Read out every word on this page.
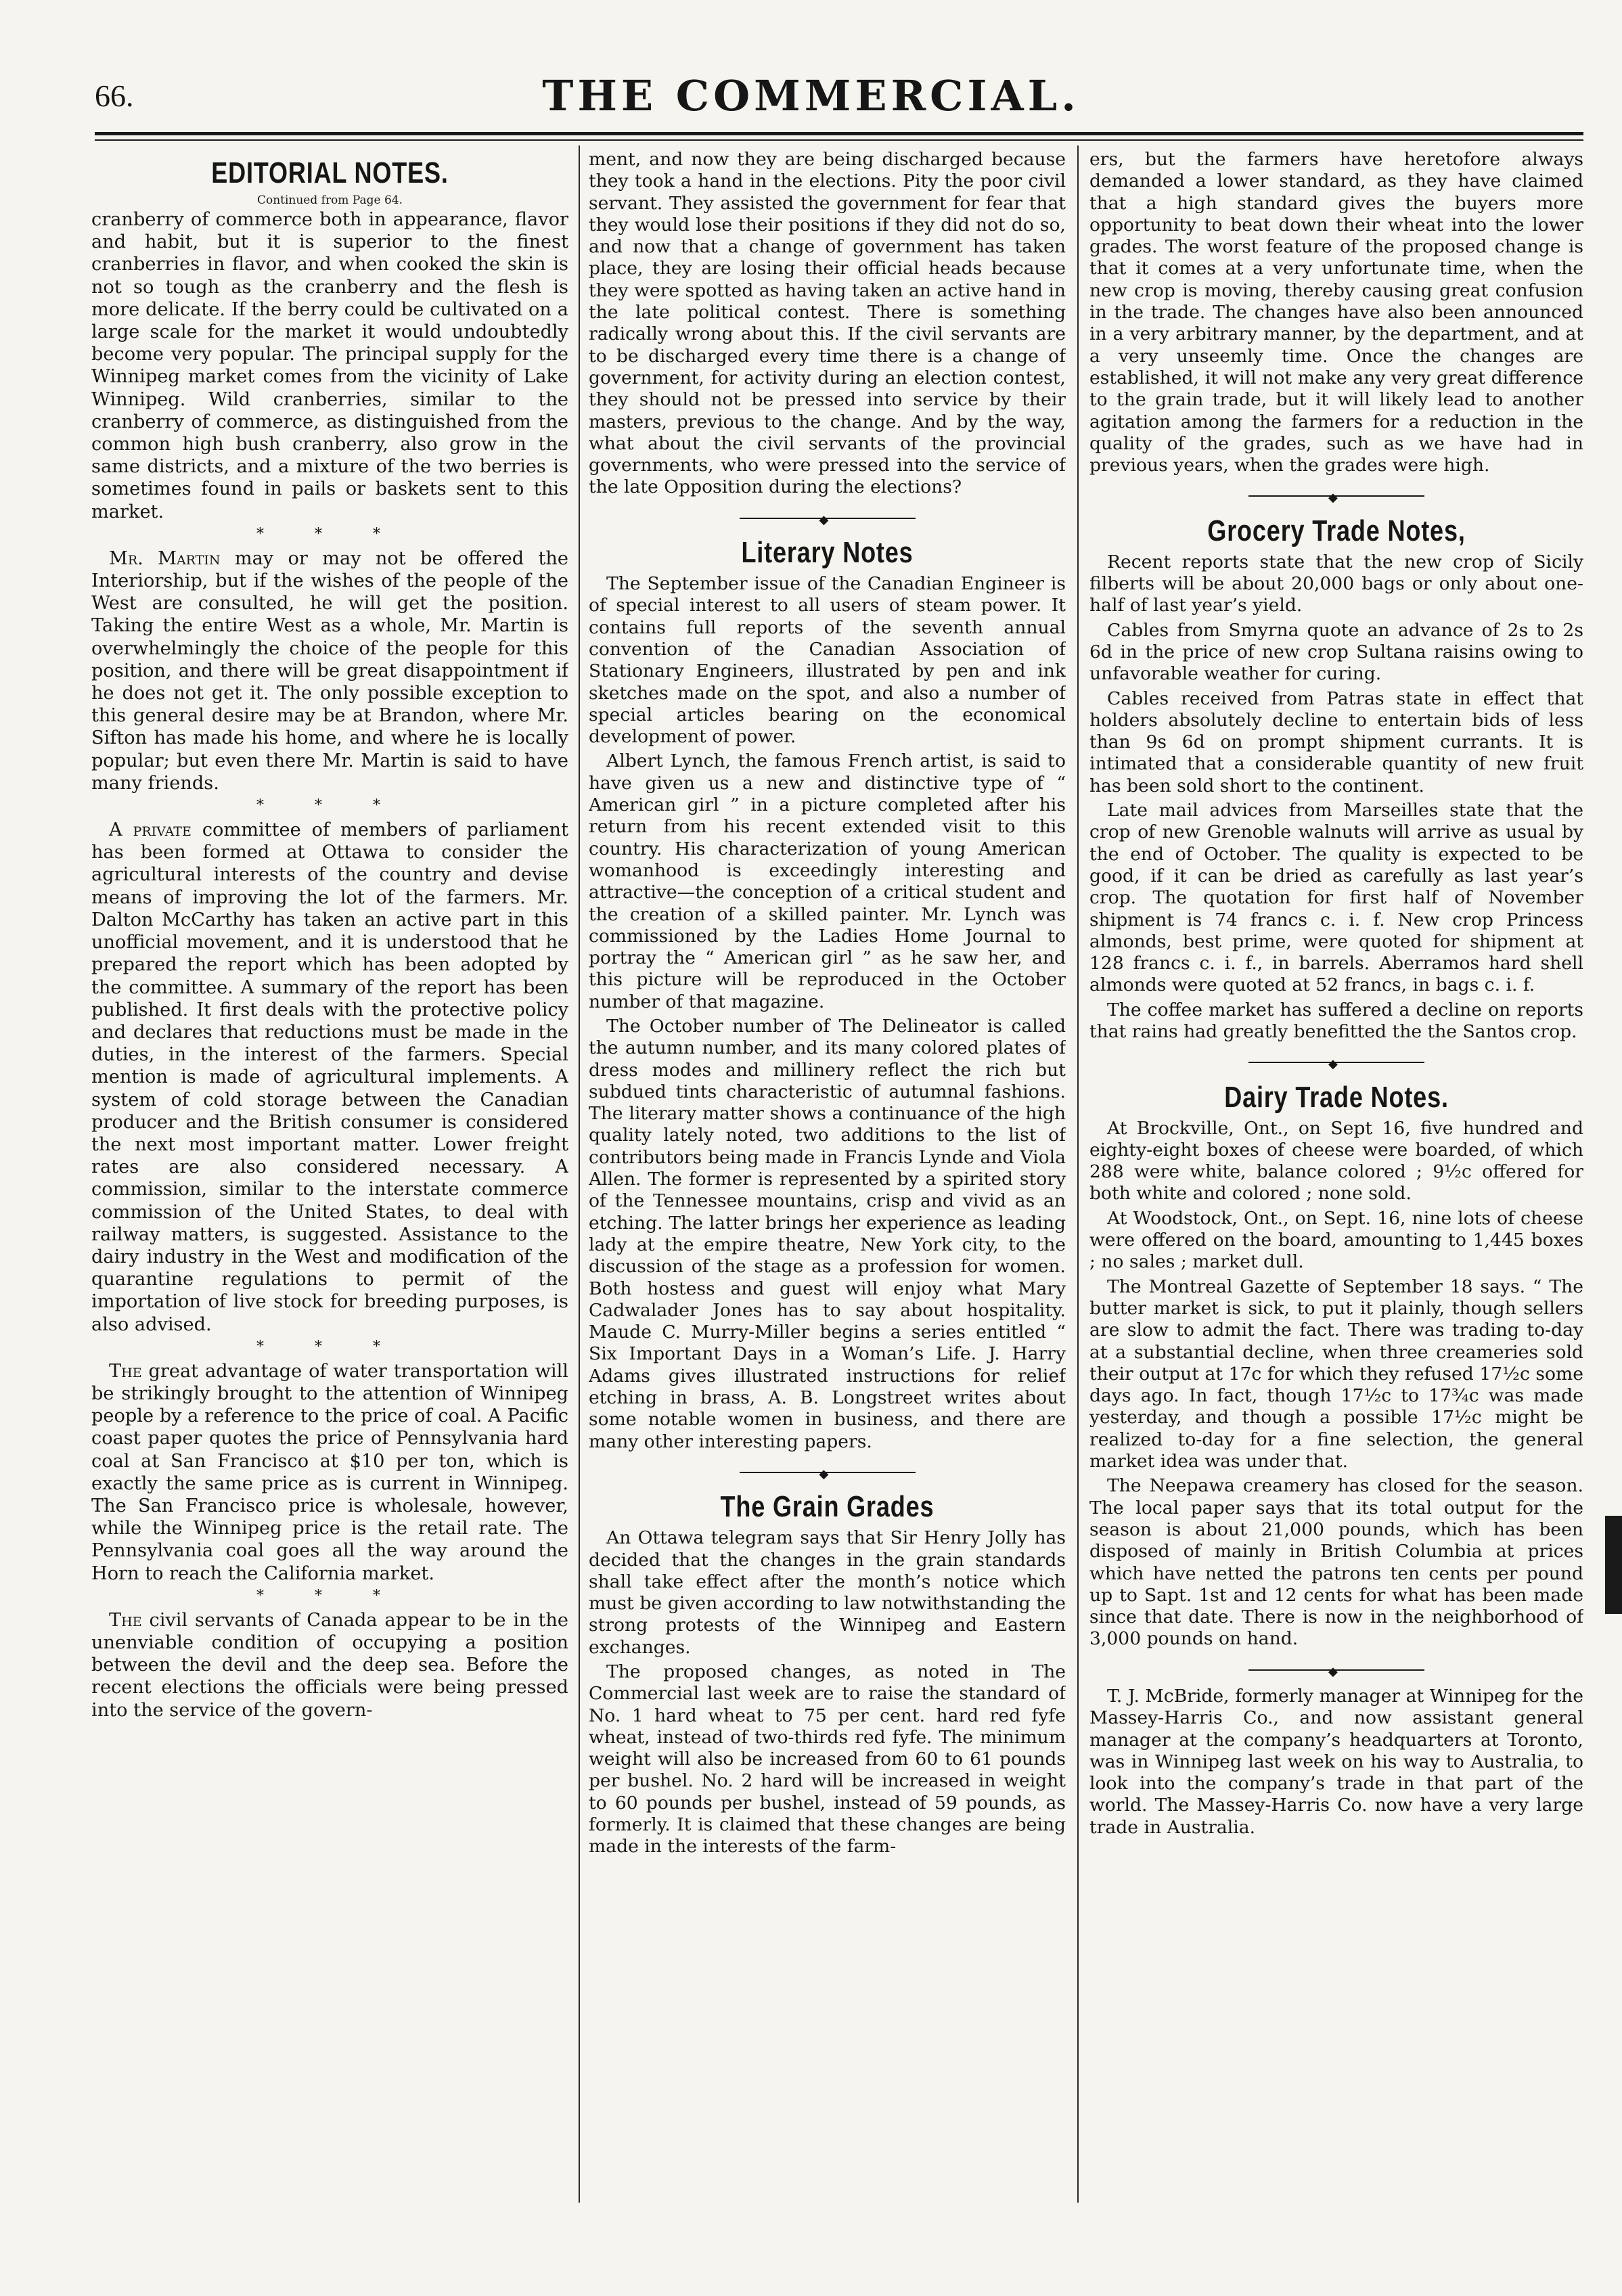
66.	THE COMMERCIAL.
EDITORIAL NOTES.
Continued from Page 64.

cranberry of commerce both in appearance, flavor and habit, but it is superior to the finest cranberries in flavor, and when cooked the skin is not so tough as the cranberry and the flesh is more delicate. If the berry could be cultivated on a large scale for the market it would undoubtedly become very popular. The principal supply for the Winnipeg market comes from the vicinity of Lake Winnipeg. Wild cranberries, similar to the cranberry of commerce, as distinguished from the common high bush cranberry, also grow in the same districts, and a mixture of the two berries is sometimes found in pails or baskets sent to this market.

* * *

Mr. Martin may or may not be offered the Interiorship, but if the wishes of the people of the West are consulted, he will get the position. Taking the entire West as a whole, Mr. Martin is overwhelmingly the choice of the people for this position, and there will be great disappointment if he does not get it. The only possible exception to this general desire may be at Brandon, where Mr. Sifton has made his home, and where he is locally popular; but even there Mr. Martin is said to have many friends.

* * *

A private committee of members of parliament has been formed at Ottawa to consider the agricultural interests of the country and devise means of improving the lot of the farmers. Mr. Dalton McCarthy has taken an active part in this unofficial movement, and it is understood that he prepared the report which has been adopted by the committee. A summary of the report has been published. It first deals with the protective policy and declares that reductions must be made in the duties, in the interest of the farmers. Special mention is made of agricultural implements. A system of cold storage between the Canadian producer and the British consumer is considered the next most important matter. Lower freight rates are also considered necessary. A commission, similar to the interstate commerce commission of the United States, to deal with railway matters, is suggested. Assistance to the dairy industry in the West and modification of the quarantine regulations to permit of the importation of live stock for breeding purposes, is also advised.

* * *

The great advantage of water transportation will be strikingly brought to the attention of Winnipeg people by a reference to the price of coal. A Pacific coast paper quotes the price of Pennsylvania hard coal at San Francisco at $10 per ton, which is exactly the same price as is current in Winnipeg. The San Francisco price is wholesale, however, while the Winnipeg price is the retail rate. The Pennsylvania coal goes all the way around the Horn to reach the California market.

* * *

The civil servants of Canada appear to be in the unenviable condition of occupying a position between the devil and the deep sea. Before the recent elections the officials were being pressed into the service of the govern-

ment, and now they are being discharged because they took a hand in the elections. Pity the poor civil servant. They assisted the government for fear that they would lose their positions if they did not do so, and now that a change of government has taken place, they are losing their official heads because they were spotted as having taken an active hand in the late political contest. There is something radically wrong about this. If the civil servants are to be discharged every time there is a change of government, for activity during an election contest, they should not be pressed into service by their masters, previous to the change. And by the way, what about the civil servants of the provincial governments, who were pressed into the service of the late Opposition during the elections?

◆
Literary Notes

The September issue of the Canadian Engineer is of special interest to all users of steam power. It contains full reports of the seventh annual convention of the Canadian Association of Stationary Engineers, illustrated by pen and ink sketches made on the spot, and also a number of special articles bearing on the economical development of power.

Albert Lynch, the famous French artist, is said to have given us a new and distinctive type of “ American girl ” in a picture completed after his return from his recent extended visit to this country. His characterization of young American womanhood is exceedingly interesting and attractive—the conception of a critical student and the creation of a skilled painter. Mr. Lynch was commissioned by the Ladies Home Journal to portray the “ American girl ” as he saw her, and this picture will be reproduced in the October number of that magazine.

The October number of The Delineator is called the autumn number, and its many colored plates of dress modes and millinery reflect the rich but subdued tints characteristic of autumnal fashions. The literary matter shows a continuance of the high quality lately noted, two additions to the list of contributors being made in Francis Lynde and Viola Allen. The former is represented by a spirited story of the Tennessee mountains, crisp and vivid as an etching. The latter brings her experience as leading lady at the empire theatre, New York city, to the discussion of the stage as a profession for women. Both hostess and guest will enjoy what Mary Cadwalader Jones has to say about hospitality. Maude C. Murry-Miller begins a series entitled “ Six Important Days in a Woman’s Life. J. Harry Adams gives illustrated instructions for relief etching in brass, A. B. Longstreet writes about some notable women in business, and there are many other interesting papers.

◆
The Grain Grades

An Ottawa telegram says that Sir Henry Jolly has decided that the changes in the grain standards shall take effect after the month’s notice which must be given according to law notwithstanding the strong protests of the Winnipeg and Eastern exchanges.

The proposed changes, as noted in The Commercial last week are to raise the standard of No. 1 hard wheat to 75 per cent. hard red fyfe wheat, instead of two-thirds red fyfe. The minimum weight will also be increased from 60 to 61 pounds per bushel. No. 2 hard will be increased in weight to 60 pounds per bushel, instead of 59 pounds, as formerly. It is claimed that these changes are being made in the interests of the farm-

ers, but the farmers have heretofore always demanded a lower standard, as they have claimed that a high standard gives the buyers more opportunity to beat down their wheat into the lower grades. The worst feature of the proposed change is that it comes at a very unfortunate time, when the new crop is moving, thereby causing great confusion in the trade. The changes have also been announced in a very arbitrary manner, by the department, and at a very unseemly time. Once the changes are established, it will not make any very great difference to the grain trade, but it will likely lead to another agitation among the farmers for a reduction in the quality of the grades, such as we have had in previous years, when the grades were high.

◆
Grocery Trade Notes,

Recent reports state that the new crop of Sicily filberts will be about 20,000 bags or only about one-half of last year’s yield.

Cables from Smyrna quote an advance of 2s to 2s 6d in the price of new crop Sultana raisins owing to unfavorable weather for curing.

Cables received from Patras state in effect that holders absolutely decline to entertain bids of less than 9s 6d on prompt shipment currants. It is intimated that a considerable quantity of new fruit has been sold short to the continent.

Late mail advices from Marseilles state that the crop of new Grenoble walnuts will arrive as usual by the end of October. The quality is expected to be good, if it can be dried as carefully as last year’s crop. The quotation for first half of November shipment is 74 francs c. i. f. New crop Princess almonds, best prime, were quoted for shipment at 128 francs c. i. f., in barrels. Aberramos hard shell almonds were quoted at 52 francs, in bags c. i. f.

The coffee market has suffered a decline on reports that rains had greatly benefitted the the Santos crop.

◆
Dairy Trade Notes.

At Brockville, Ont., on Sept 16, five hundred and eighty-eight boxes of cheese were boarded, of which 288 were white, balance colored ; 9½c offered for both white and colored ; none sold.

At Woodstock, Ont., on Sept. 16, nine lots of cheese were offered on the board, amounting to 1,445 boxes ; no sales ; market dull.

The Montreal Gazette of September 18 says. “ The butter market is sick, to put it plainly, though sellers are slow to admit the fact. There was trading to-day at a substantial decline, when three creameries sold their output at 17c for which they refused 17½c some days ago. In fact, though 17½c to 17¾c was made yesterday, and though a possible 17½c might be realized to-day for a fine selection, the general market idea was under that.

The Neepawa creamery has closed for the season. The local paper says that its total output for the season is about 21,000 pounds, which has been disposed of mainly in British Columbia at prices which have netted the patrons ten cents per pound up to Sapt. 1st and 12 cents for what has been made since that date. There is now in the neighborhood of 3,000 pounds on hand.

◆

T. J. McBride, formerly manager at Winnipeg for the Massey-Harris Co., and now assistant general manager at the company’s headquarters at Toronto, was in Winnipeg last week on his way to Australia, to look into the company’s trade in that part of the world. The Massey-Harris Co. now have a very large trade in Australia.
